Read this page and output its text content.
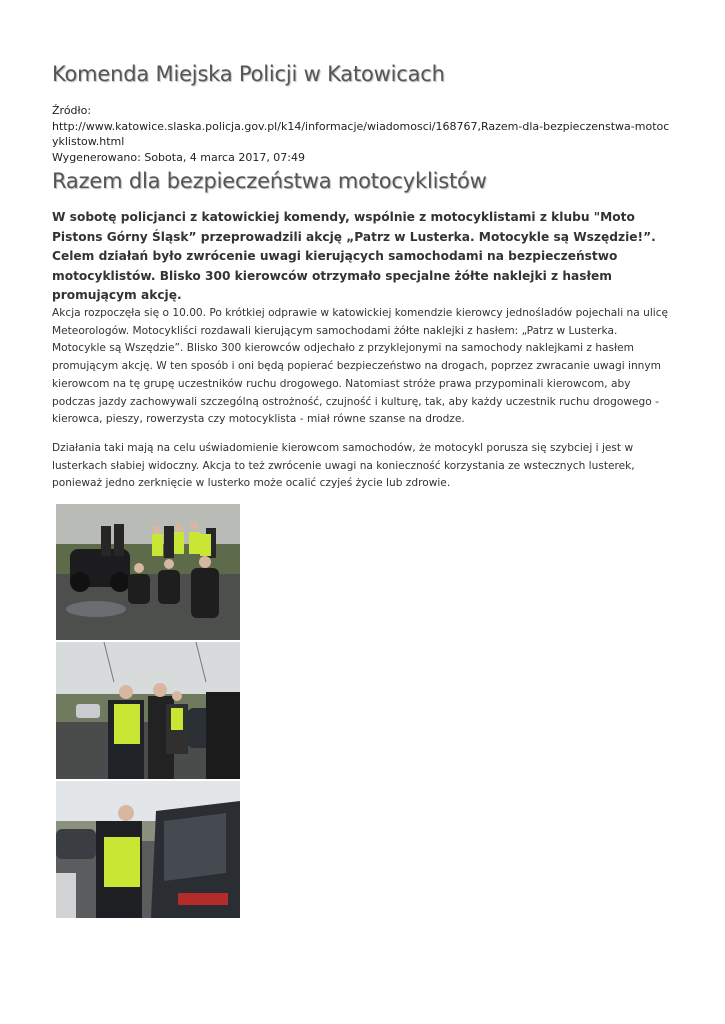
Komenda Miejska Policji w Katowicach
Źródło:
http://www.katowice.slaska.policja.gov.pl/k14/informacje/wiadomosci/168767,Razem-dla-bezpieczenstwa-motocyklistow.html
Wygenerowano: Sobota, 4 marca 2017, 07:49
Razem dla bezpieczeństwa motocyklistów

W sobotę policjanci z katowickiej komendy, wspólnie z motocyklistami z klubu "Moto Pistons Górny Śląsk” przeprowadzili akcję „Patrz w Lusterka. Motocykle są Wszędzie!”. Celem działań było zwrócenie uwagi kierujących samochodami na bezpieczeństwo motocyklistów. Blisko 300 kierowców otrzymało specjalne żółte naklejki z hasłem promującym akcję.

Akcja rozpoczęła się o 10.00. Po krótkiej odprawie w katowickiej komendzie kierowcy jednośladów pojechali na ulicę Meteorologów. Motocykliści rozdawali kierującym samochodami żółte naklejki z hasłem: „Patrz w Lusterka. Motocykle są Wszędzie”. Blisko 300 kierowców odjechało z przyklejonymi na samochody naklejkami z hasłem promującym akcję. W ten sposób i oni będą popierać bezpieczeństwo na drogach, poprzez zwracanie uwagi innym kierowcom na tę grupę uczestników ruchu drogowego. Natomiast stróże prawa przypominali kierowcom, aby podczas jazdy zachowywali szczególną ostrożność, czujność i kulturę, tak, aby każdy uczestnik ruchu drogowego - kierowca, pieszy, rowerzysta czy motocyklista - miał równe szanse na drodze.

Działania taki mają na celu uświadomienie kierowcom samochodów, że motocykl porusza się szybciej i jest w lusterkach słabiej widoczny. Akcja to też zwrócenie uwagi na konieczność korzystania ze wstecznych lusterek, ponieważ jedno zerknięcie w lusterko może ocalić czyjeś życie lub zdrowie.
